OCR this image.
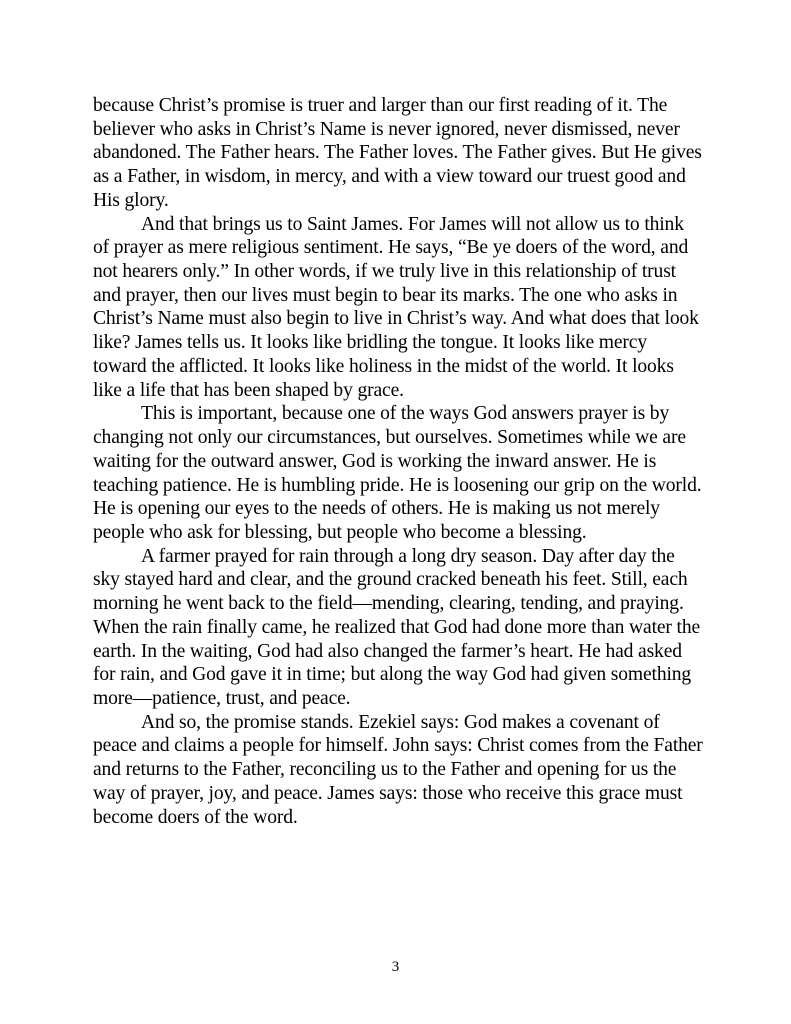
because Christ’s promise is truer and larger than our first reading of it. The believer who asks in Christ’s Name is never ignored, never dismissed, never abandoned. The Father hears. The Father loves. The Father gives. But He gives as a Father, in wisdom, in mercy, and with a view toward our truest good and His glory.

And that brings us to Saint James. For James will not allow us to think of prayer as mere religious sentiment. He says, “Be ye doers of the word, and not hearers only.” In other words, if we truly live in this relationship of trust and prayer, then our lives must begin to bear its marks. The one who asks in Christ’s Name must also begin to live in Christ’s way. And what does that look like? James tells us. It looks like bridling the tongue. It looks like mercy toward the afflicted. It looks like holiness in the midst of the world. It looks like a life that has been shaped by grace.

This is important, because one of the ways God answers prayer is by changing not only our circumstances, but ourselves. Sometimes while we are waiting for the outward answer, God is working the inward answer. He is teaching patience. He is humbling pride. He is loosening our grip on the world. He is opening our eyes to the needs of others. He is making us not merely people who ask for blessing, but people who become a blessing.

A farmer prayed for rain through a long dry season. Day after day the sky stayed hard and clear, and the ground cracked beneath his feet. Still, each morning he went back to the field—mending, clearing, tending, and praying. When the rain finally came, he realized that God had done more than water the earth. In the waiting, God had also changed the farmer’s heart. He had asked for rain, and God gave it in time; but along the way God had given something more—patience, trust, and peace.

And so, the promise stands. Ezekiel says: God makes a covenant of peace and claims a people for himself. John says: Christ comes from the Father and returns to the Father, reconciling us to the Father and opening for us the way of prayer, joy, and peace. James says: those who receive this grace must become doers of the word.

3
